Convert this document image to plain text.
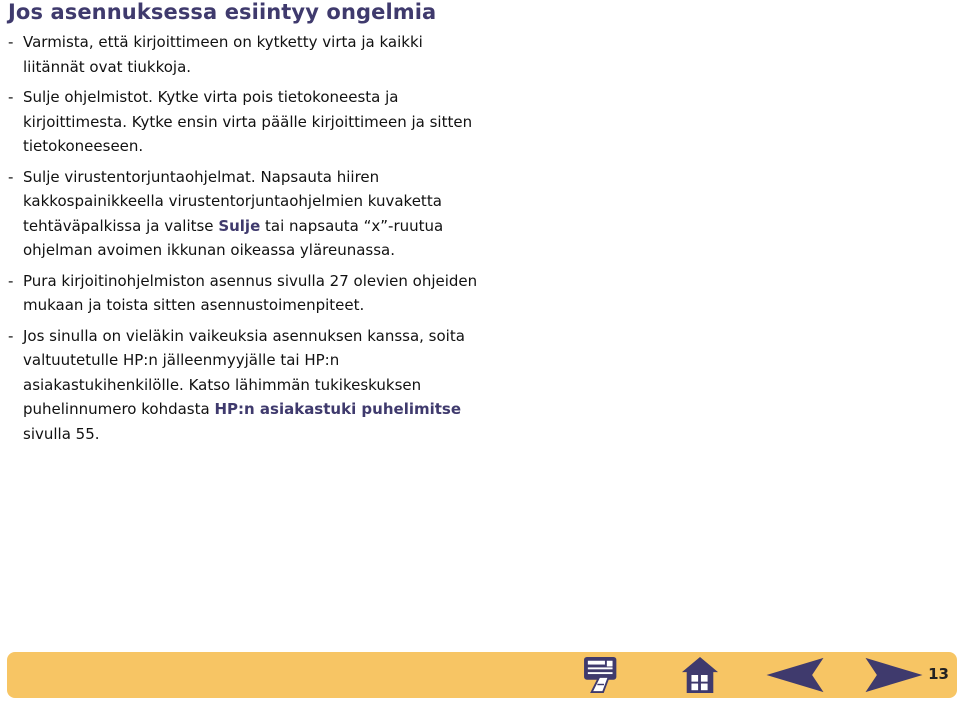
Jos asennuksessa esiintyy ongelmia
- Varmista, että kirjoittimeen on kytketty virta ja kaikki liitännät ovat tiukkoja.
- Sulje ohjelmistot. Kytke virta pois tietokoneesta ja kirjoittimesta. Kytke ensin virta päälle kirjoittimeen ja sitten tietokoneeseen.
- Sulje virustentorjuntaohjelmat. Napsauta hiiren kakkospainikkeella virustentorjuntaohjelmien kuvaketta tehtäväpalkissa ja valitse Sulje tai napsauta “x”-ruutua ohjelman avoimen ikkunan oikeassa yläreunassa.
- Pura kirjoitinohjelmiston asennus sivulla 27 olevien ohjeiden mukaan ja toista sitten asennustoimenpiteet.
- Jos sinulla on vieläkin vaikeuksia asennuksen kanssa, soita valtuutetulle HP:n jälleenmyyjälle tai HP:n asiakastukihenkilölle. Katso lähimmän tukikeskuksen puhelinnumero kohdasta HP:n asiakastuki puhelimitse sivulla 55.
13
